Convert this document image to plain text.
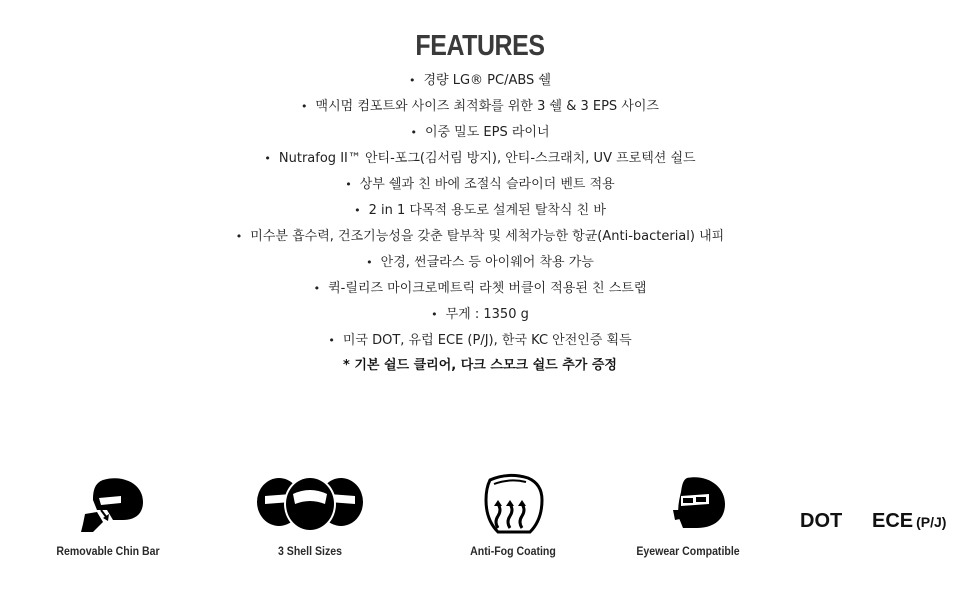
FEATURES
• 경량 LG® PC/ABS 쉘
• 맥시멈 컴포트와 사이즈 최적화를 위한 3 쉘 & 3 EPS 사이즈
• 이중 밀도 EPS 라이너
• Nutrafog II™ 안티-포그(김서림 방지), 안티-스크래치, UV 프로텍션 쉴드
• 상부 쉘과 친 바에 조절식 슬라이더 벤트 적용
• 2 in 1 다목적 용도로 설계된 탈착식 친 바
• 미수분 흡수력, 건조기능성을 갖춘 탈부착 및 세척가능한 항균(Anti-bacterial) 내피
• 안경, 썬글라스 등 아이웨어 착용 가능
• 퀵-릴리즈 마이크로메트릭 라쳇 버클이 적용된 친 스트랩
• 무게 : 1350 g
• 미국 DOT, 유럽 ECE (P/J), 한국 KC 안전인증 획득
* 기본 쉴드 클리어, 다크 스모크 쉴드 추가 증정
Removable Chin Bar	3 Shell Sizes	Anti-Fog Coating	Eyewear Compatible
DOT ECE (P/J)
